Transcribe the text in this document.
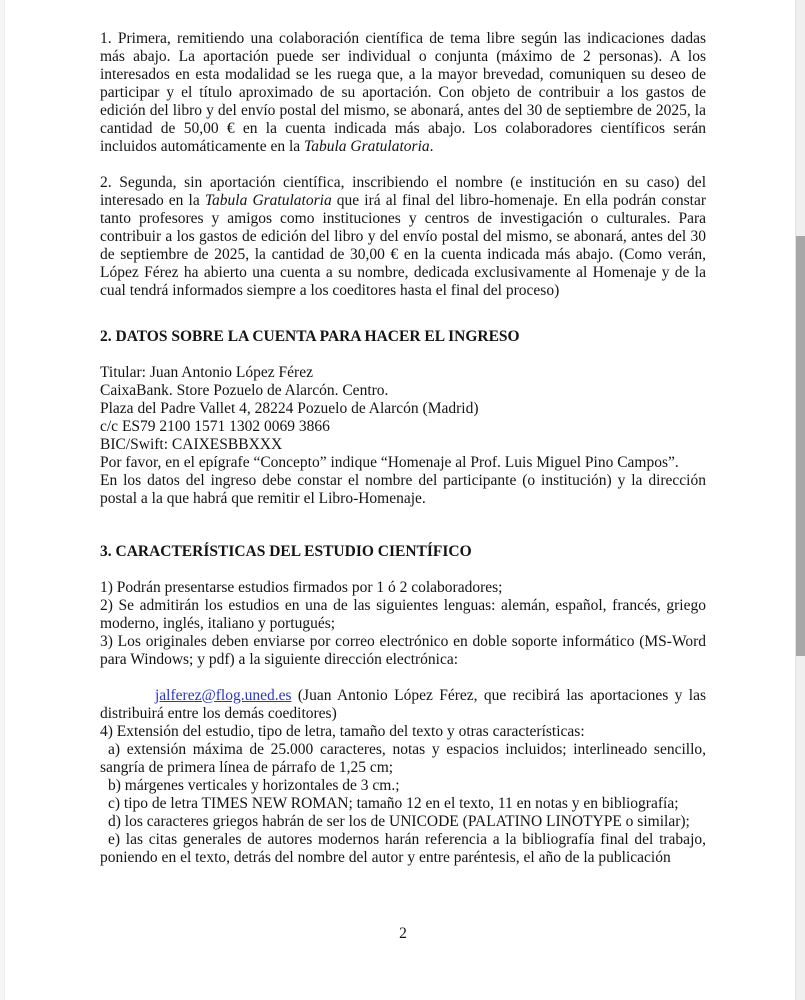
1. Primera, remitiendo una colaboración científica de tema libre según las indicaciones dadas más abajo. La aportación puede ser individual o conjunta (máximo de 2 personas). A los interesados en esta modalidad se les ruega que, a la mayor brevedad, comuniquen su deseo de participar y el título aproximado de su aportación. Con objeto de contribuir a los gastos de edición del libro y del envío postal del mismo, se abonará, antes del 30 de septiembre de 2025, la cantidad de 50,00 € en la cuenta indicada más abajo. Los colaboradores científicos serán incluidos automáticamente en la Tabula Gratulatoria.

2. Segunda, sin aportación científica, inscribiendo el nombre (e institución en su caso) del interesado en la Tabula Gratulatoria que irá al final del libro-homenaje. En ella podrán constar tanto profesores y amigos como instituciones y centros de investigación o culturales. Para contribuir a los gastos de edición del libro y del envío postal del mismo, se abonará, antes del 30 de septiembre de 2025, la cantidad de 30,00 € en la cuenta indicada más abajo. (Como verán, López Férez ha abierto una cuenta a su nombre, dedicada exclusivamente al Homenaje y de la cual tendrá informados siempre a los coeditores hasta el final del proceso)

2. DATOS SOBRE LA CUENTA PARA HACER EL INGRESO

Titular: Juan Antonio López Férez

CaixaBank. Store Pozuelo de Alarcón. Centro.

Plaza del Padre Vallet 4, 28224 Pozuelo de Alarcón (Madrid)

c/c ES79 2100 1571 1302 0069 3866

BIC/Swift: CAIXESBBXXX

Por favor, en el epígrafe “Concepto” indique “Homenaje al Prof. Luis Miguel Pino Campos”.

En los datos del ingreso debe constar el nombre del participante (o institución) y la dirección postal a la que habrá que remitir el Libro-Homenaje.

3. CARACTERÍSTICAS DEL ESTUDIO CIENTÍFICO

1) Podrán presentarse estudios firmados por 1 ó 2 colaboradores;

2) Se admitirán los estudios en una de las siguientes lenguas: alemán, español, francés, griego moderno, inglés, italiano y portugués;

3) Los originales deben enviarse por correo electrónico en doble soporte informático (MS-Word para Windows; y pdf) a la siguiente dirección electrónica:

jalferez@flog.uned.es (Juan Antonio López Férez, que recibirá las aportaciones y las distribuirá entre los demás coeditores)

4) Extensión del estudio, tipo de letra, tamaño del texto y otras características:

a) extensión máxima de 25.000 caracteres, notas y espacios incluidos; interlineado sencillo, sangría de primera línea de párrafo de 1,25 cm;

b) márgenes verticales y horizontales de 3 cm.;

c) tipo de letra TIMES NEW ROMAN; tamaño 12 en el texto, 11 en notas y en bibliografía;

d) los caracteres griegos habrán de ser los de UNICODE (PALATINO LINOTYPE o similar);

e) las citas generales de autores modernos harán referencia a la bibliografía final del trabajo, poniendo en el texto, detrás del nombre del autor y entre paréntesis, el año de la publicación

2
